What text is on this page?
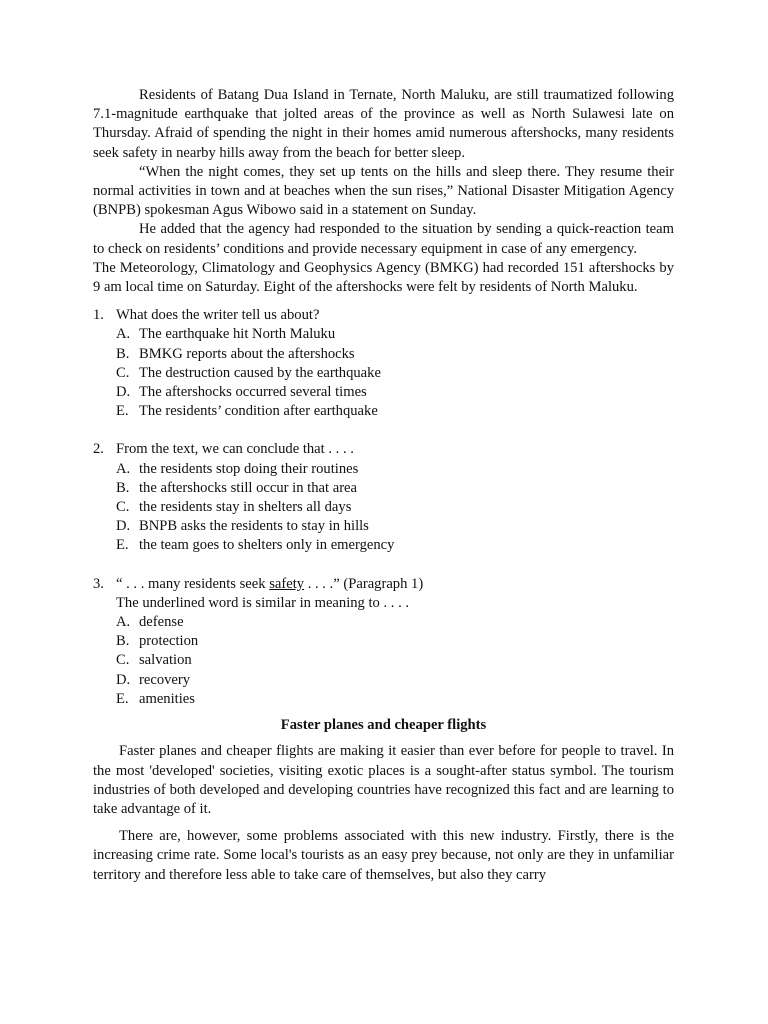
Residents of Batang Dua Island in Ternate, North Maluku, are still traumatized following 7.1-magnitude earthquake that jolted areas of the province as well as North Sulawesi late on Thursday. Afraid of spending the night in their homes amid numerous aftershocks, many residents seek safety in nearby hills away from the beach for better sleep.

“When the night comes, they set up tents on the hills and sleep there. They resume their normal activities in town and at beaches when the sun rises,” National Disaster Mitigation Agency (BNPB) spokesman Agus Wibowo said in a statement on Sunday.

He added that the agency had responded to the situation by sending a quick-reaction team to check on residents’ conditions and provide necessary equipment in case of any emergency.

The Meteorology, Climatology and Geophysics Agency (BMKG) had recorded 151 aftershocks by 9 am local time on Saturday. Eight of the aftershocks were felt by residents of North Maluku.

1. What does the writer tell us about?
A. The earthquake hit North Maluku
B. BMKG reports about the aftershocks
C. The destruction caused by the earthquake
D. The aftershocks occurred several times
E. The residents’ condition after earthquake
2. From the text, we can conclude that . . . .
A. the residents stop doing their routines
B. the aftershocks still occur in that area
C. the residents stay in shelters all days
D. BNPB asks the residents to stay in hills
E. the team goes to shelters only in emergency
3. “ . . . many residents seek safety . . . .” (Paragraph 1)
The underlined word is similar in meaning to . . . .
A. defense
B. protection
C. salvation
D. recovery
E. amenities

Faster planes and cheaper flights

Faster planes and cheaper flights are making it easier than ever before for people to travel. In the most 'developed' societies, visiting exotic places is a sought-after status symbol. The tourism industries of both developed and developing countries have recognized this fact and are learning to take advantage of it.

There are, however, some problems associated with this new industry. Firstly, there is the increasing crime rate. Some local's tourists as an easy prey because, not only are they in unfamiliar territory and therefore less able to take care of themselves, but also they carry
